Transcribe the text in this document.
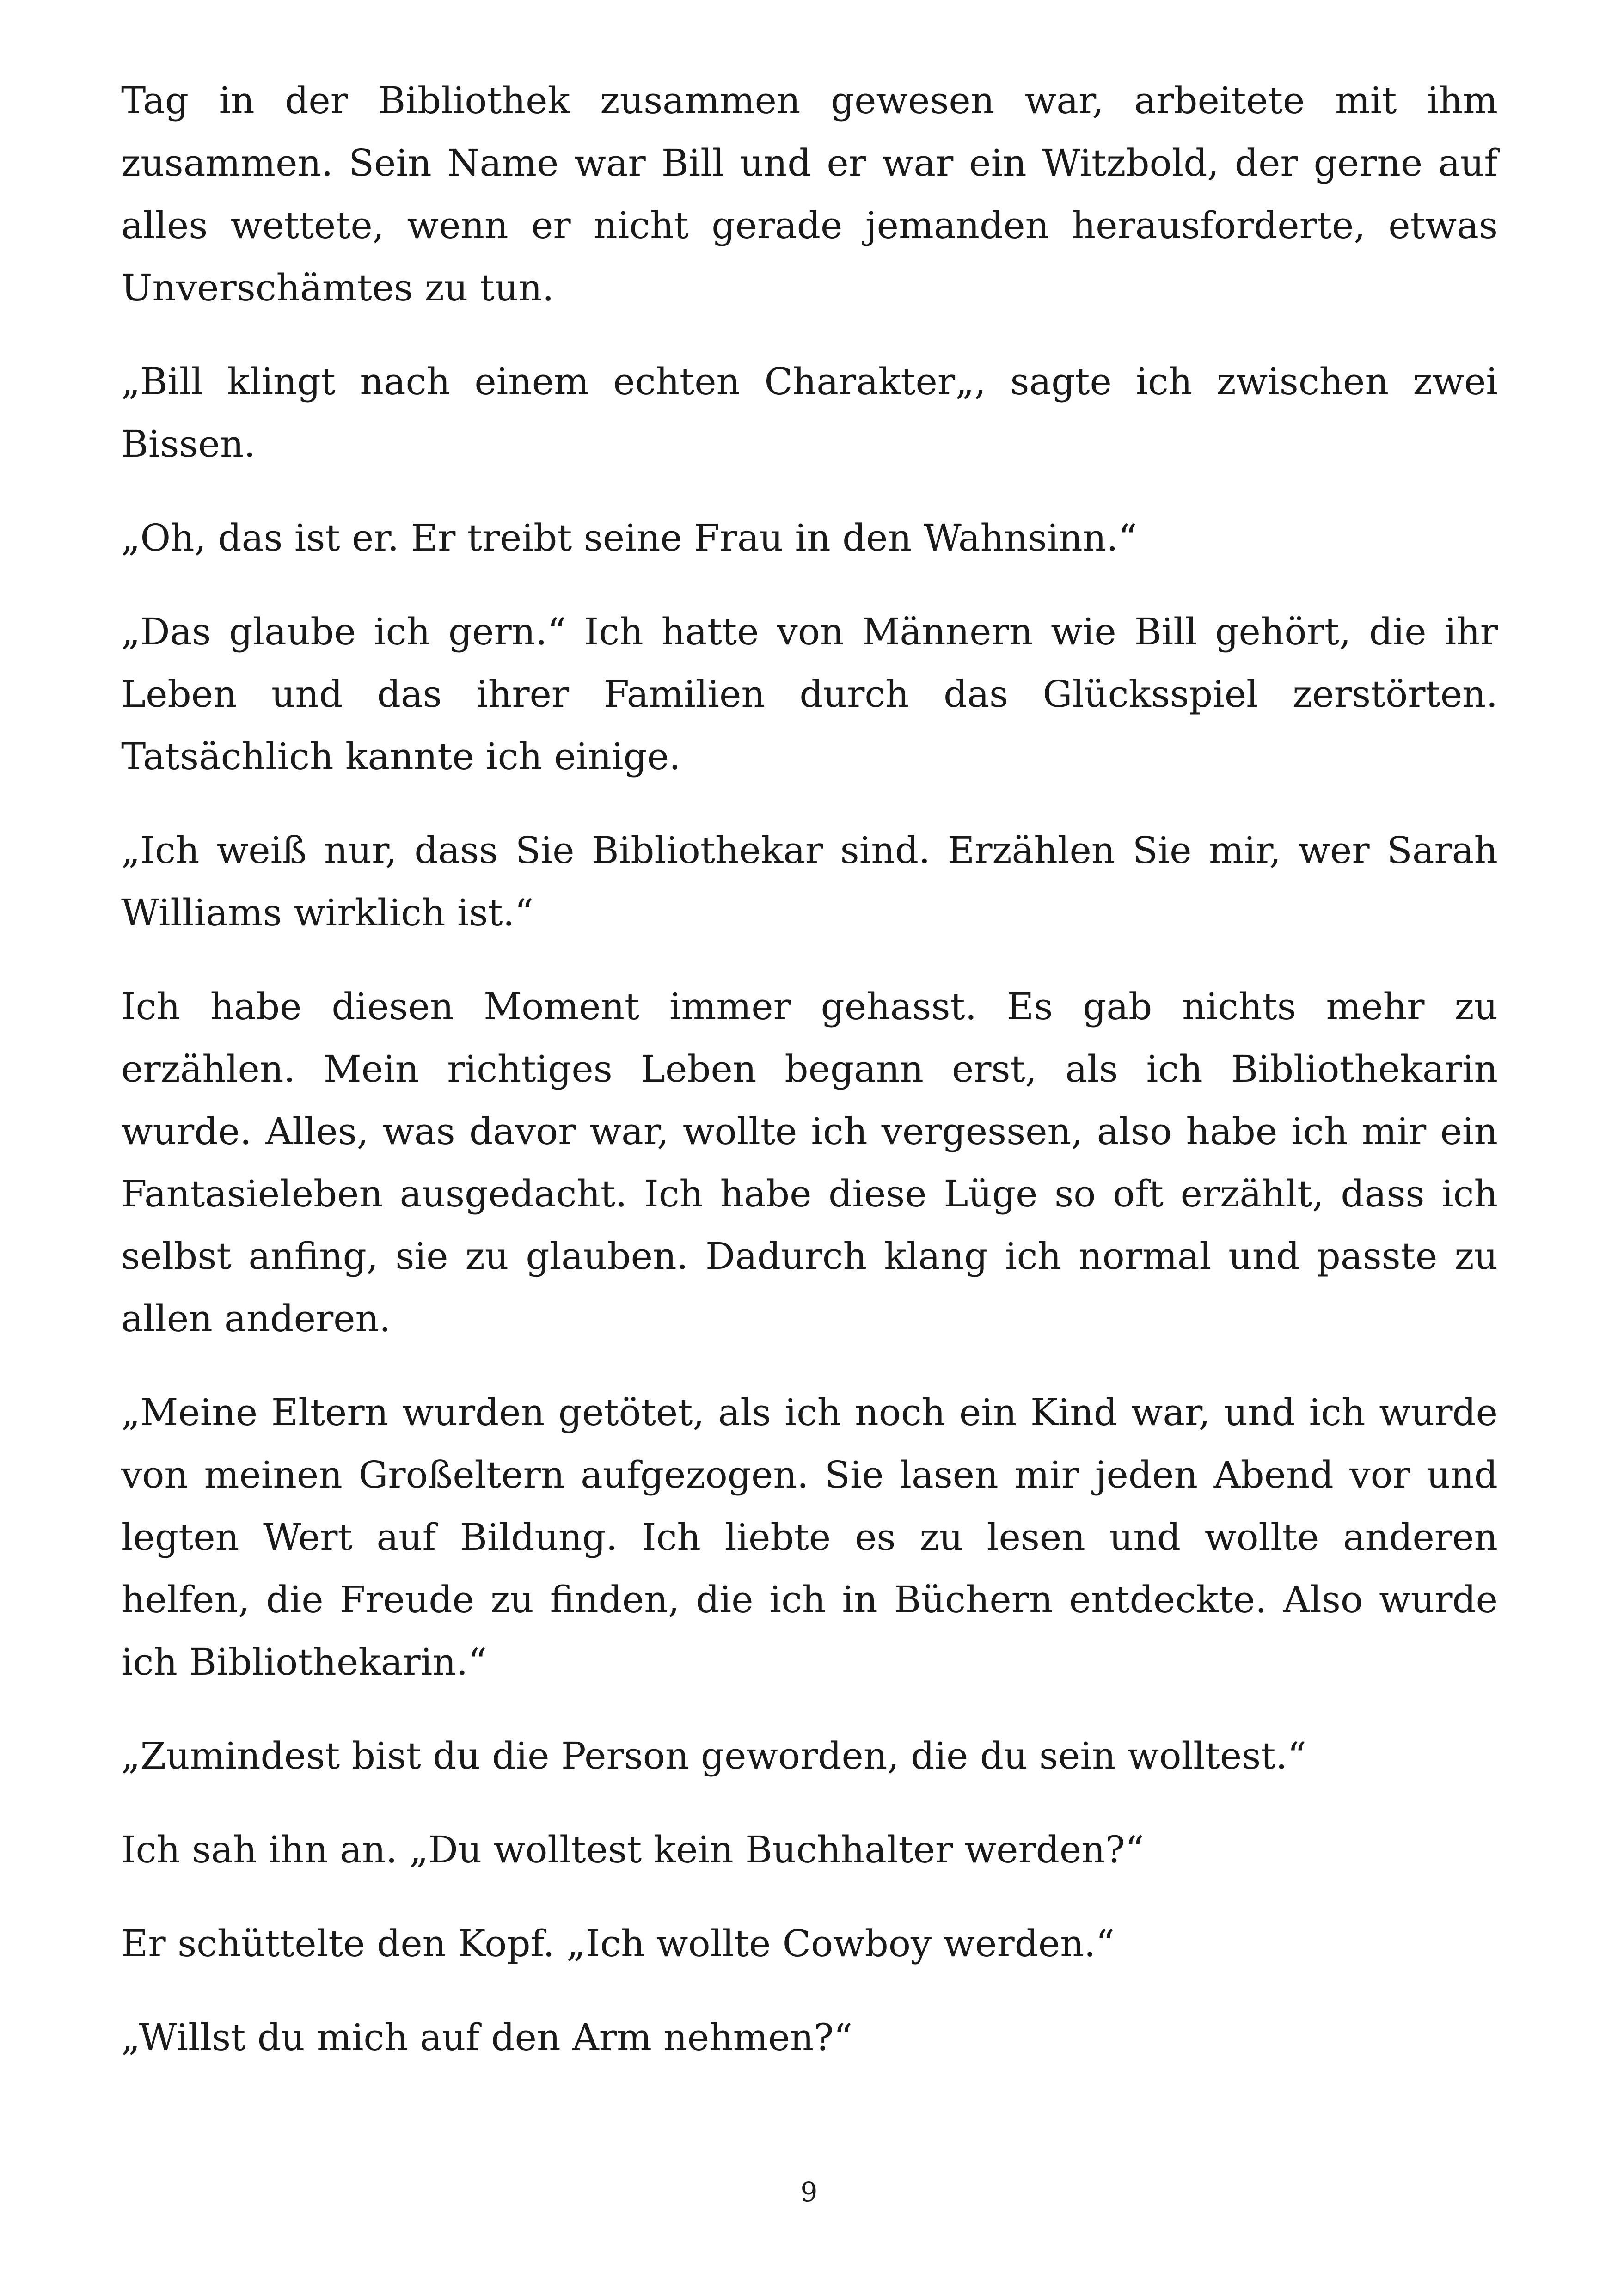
Tag in der Bibliothek zusammen gewesen war, arbeitete mit ihm zusammen. Sein Name war Bill und er war ein Witzbold, der gerne auf alles wettete, wenn er nicht gerade jemanden herausforderte, etwas Unverschämtes zu tun.

„Bill klingt nach einem echten Charakter„, sagte ich zwischen zwei Bissen.

„Oh, das ist er. Er treibt seine Frau in den Wahnsinn.“

„Das glaube ich gern.“ Ich hatte von Männern wie Bill gehört, die ihr Leben und das ihrer Familien durch das Glücksspiel zerstörten. Tatsächlich kannte ich einige.

„Ich weiß nur, dass Sie Bibliothekar sind. Erzählen Sie mir, wer Sarah Williams wirklich ist.“

Ich habe diesen Moment immer gehasst. Es gab nichts mehr zu erzählen. Mein richtiges Leben begann erst, als ich Bibliothekarin wurde. Alles, was davor war, wollte ich vergessen, also habe ich mir ein Fantasieleben ausgedacht. Ich habe diese Lüge so oft erzählt, dass ich selbst anfing, sie zu glauben. Dadurch klang ich normal und passte zu allen anderen.

„Meine Eltern wurden getötet, als ich noch ein Kind war, und ich wurde von meinen Großeltern aufgezogen. Sie lasen mir jeden Abend vor und legten Wert auf Bildung. Ich liebte es zu lesen und wollte anderen helfen, die Freude zu finden, die ich in Büchern entdeckte. Also wurde ich Bibliothekarin.“

„Zumindest bist du die Person geworden, die du sein wolltest.“

Ich sah ihn an. „Du wolltest kein Buchhalter werden?“

Er schüttelte den Kopf. „Ich wollte Cowboy werden.“

„Willst du mich auf den Arm nehmen?“

9
